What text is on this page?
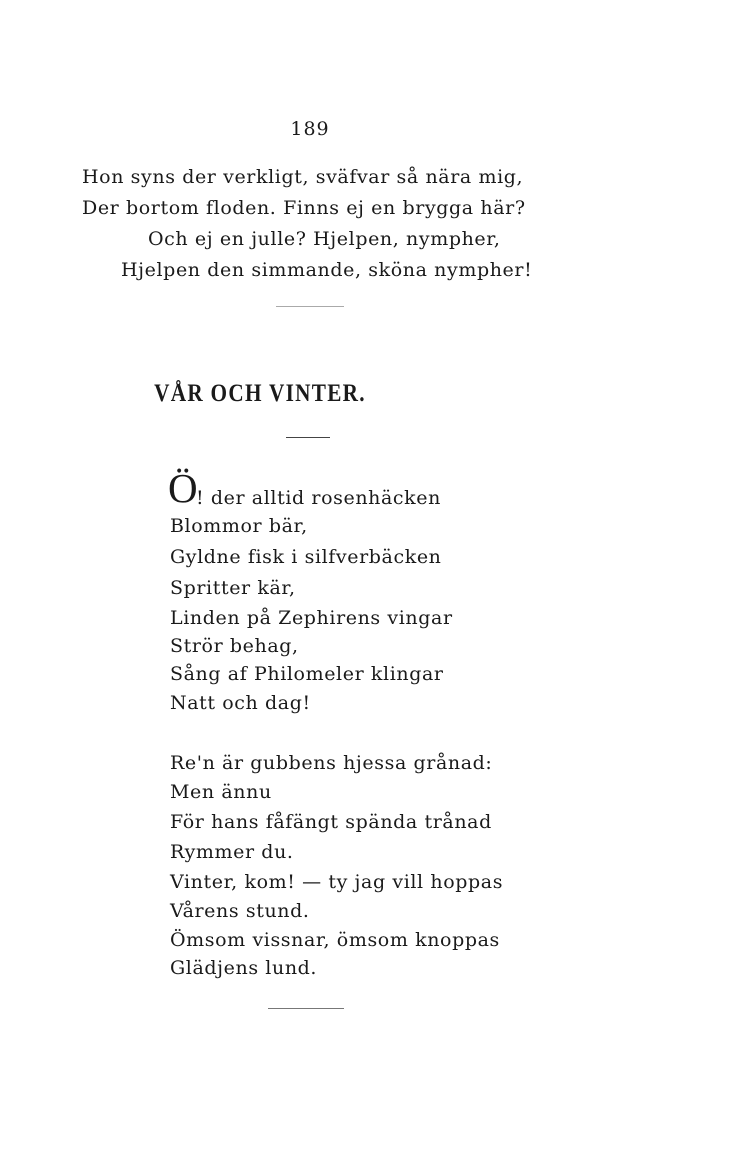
189
Hon syns der verkligt, sväfvar så nära mig,
Der bortom floden. Finns ej en brygga här?
Och ej en julle? Hjelpen, nympher,
Hjelpen den simmande, sköna nympher!
VÅR OCH VINTER.
Ö
! der alltid rosenhäcken
Blommor bär,
Gyldne fisk i silfverbäcken
Spritter kär,
Linden på Zephirens vingar
Strör behag,
Sång af Philomeler klingar
Natt och dag!
Re'n är gubbens hjessa grånad:
Men ännu
För hans fåfängt spända trånad
Rymmer du.
Vinter, kom! — ty jag vill hoppas
Vårens stund.
Ömsom vissnar, ömsom knoppas
Glädjens lund.
